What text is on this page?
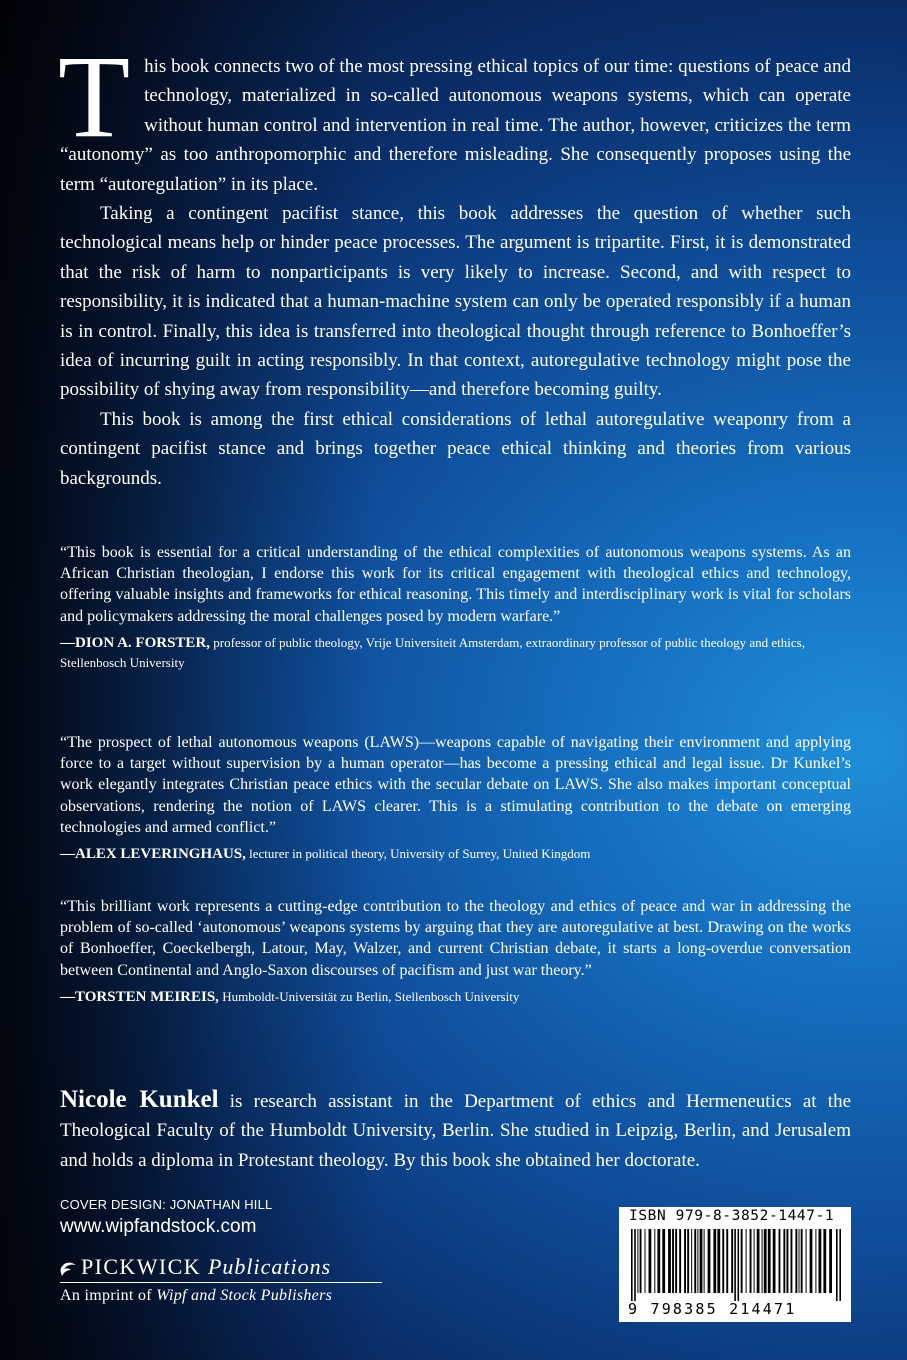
This book connects two of the most pressing ethical topics of our time: questions of peace and technology, materialized in so-called autonomous weapons systems, which can operate without human control and intervention in real time. The author, however, criticizes the term “autonomy” as too anthropomorphic and therefore misleading. She consequently proposes using the term “autoregulation” in its place.

Taking a contingent pacifist stance, this book addresses the question of whether such technological means help or hinder peace processes. The argument is tripartite. First, it is demonstrated that the risk of harm to nonparticipants is very likely to increase. Second, and with respect to responsibility, it is indicated that a human-machine system can only be operated responsibly if a human is in control. Finally, this idea is transferred into theological thought through reference to Bonhoeffer’s idea of incurring guilt in acting responsibly. In that context, autoregulative technology might pose the possibility of shying away from responsibility—and therefore becoming guilty.

This book is among the first ethical considerations of lethal autoregulative weaponry from a contingent pacifist stance and brings together peace ethical thinking and theories from various backgrounds.

“This book is essential for a critical understanding of the ethical complexities of autonomous weapons systems. As an African Christian theologian, I endorse this work for its critical engagement with theological ethics and technology, offering valuable insights and frameworks for ethical reasoning. This timely and interdisciplinary work is vital for scholars and policymakers addressing the moral challenges posed by modern warfare.”

—DION A. FORSTER, professor of public theology, Vrije Universiteit Amsterdam, extraordinary professor of public theology and ethics, Stellenbosch University

“The prospect of lethal autonomous weapons (LAWS)—weapons capable of navigating their environment and applying force to a target without supervision by a human operator—has become a pressing ethical and legal issue. Dr Kunkel’s work elegantly integrates Christian peace ethics with the secular debate on LAWS. She also makes important conceptual observations, rendering the notion of LAWS clearer. This is a stimulating contribution to the debate on emerging technologies and armed conflict.”

—ALEX LEVERINGHAUS, lecturer in political theory, University of Surrey, United Kingdom

“This brilliant work represents a cutting-edge contribution to the theology and ethics of peace and war in addressing the problem of so-called ‘autonomous’ weapons systems by arguing that they are autoregulative at best. Drawing on the works of Bonhoeffer, Coeckelbergh, Latour, May, Walzer, and current Christian debate, it starts a long-overdue conversation between Continental and Anglo-Saxon discourses of pacifism and just war theory.”

—TORSTEN MEIREIS, Humboldt-Universität zu Berlin, Stellenbosch University

Nicole Kunkel is research assistant in the Department of ethics and Hermeneutics at the Theological Faculty of the Humboldt University, Berlin. She studied in Leipzig, Berlin, and Jerusalem and holds a diploma in Protestant theology. By this book she obtained her doctorate.

COVER DESIGN: JONATHAN HILL
www.wipfandstock.com
PICKWICK Publications
An imprint of Wipf and Stock Publishers
ISBN 979-8-3852-1447-1
9 798385 214471
